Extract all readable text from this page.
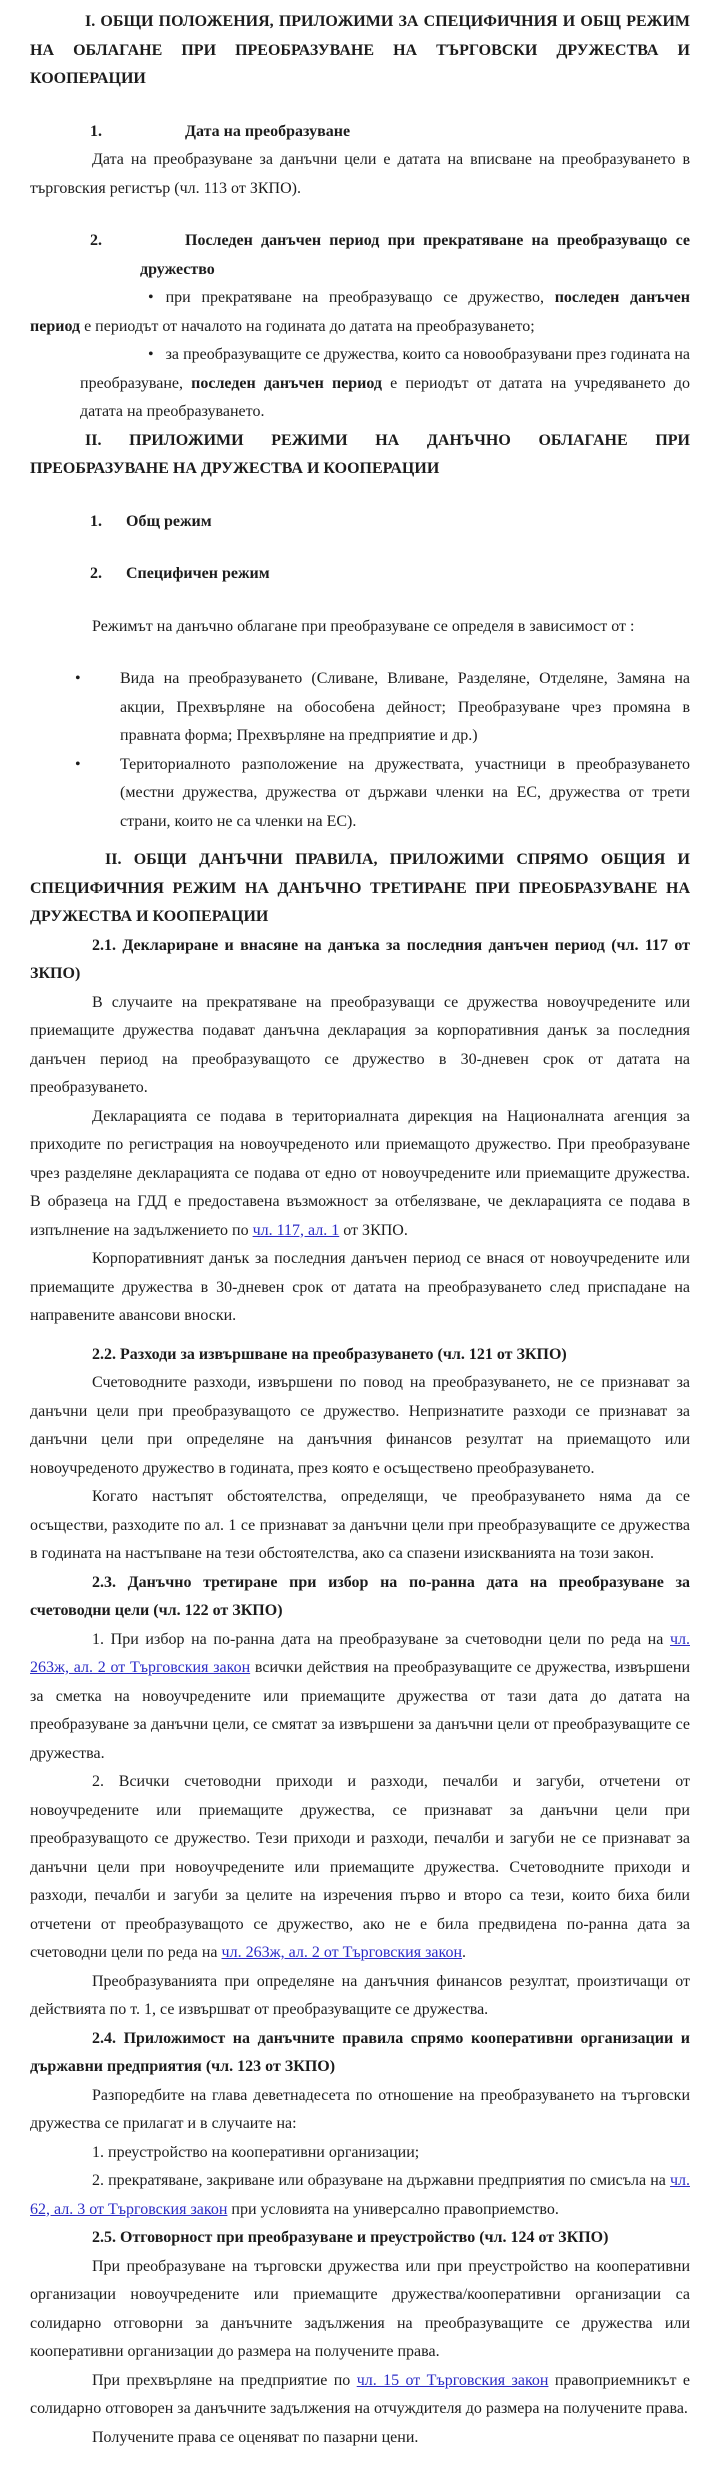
I. ОБЩИ ПОЛОЖЕНИЯ, ПРИЛОЖИМИ ЗА СПЕЦИФИЧНИЯ И ОБЩ РЕЖИМ НА ОБЛАГАНЕ ПРИ ПРЕОБРАЗУВАНЕ НА ТЪРГОВСКИ ДРУЖЕСТВА И КООПЕРАЦИИ
1.	Дата на преобразуване
Дата на преобразуване за данъчни цели е датата на вписване на преобразуването в търговския регистър (чл. 113 от ЗКПО).
2.	Последен данъчен период при прекратяване на преобразуващо се дружество
• при прекратяване на преобразуващо се дружество, последен данъчен период е периодът от началото на годината до датата на преобразуването;
• за преобразуващите се дружества, които са новообразувани през годината на преобразуване, последен данъчен период е периодът от датата на учредяването до датата на преобразуването.
II. ПРИЛОЖИМИ РЕЖИМИ НА ДАНЪЧНО ОБЛАГАНЕ ПРИ ПРЕОБРАЗУВАНЕ НА ДРУЖЕСТВА И КООПЕРАЦИИ
1. Общ режим
2. Специфичен режим
Режимът на данъчно облагане при преобразуване се определя в зависимост от :
• Вида на преобразуването (Сливане, Вливане, Разделяне, Отделяне, Замяна на акции, Прехвърляне на обособена дейност; Преобразуване чрез промяна в правната форма; Прехвърляне на предприятие и др.)
• Териториалното разположение на дружествата, участници в преобразуването (местни дружества, дружества от държави членки на ЕС, дружества от трети страни, които не са членки на ЕС).
II. ОБЩИ ДАНЪЧНИ ПРАВИЛА, ПРИЛОЖИМИ СПРЯМО ОБЩИЯ И СПЕЦИФИЧНИЯ РЕЖИМ НА ДАНЪЧНО ТРЕТИРАНЕ ПРИ ПРЕОБРАЗУВАНЕ НА ДРУЖЕСТВА И КООПЕРАЦИИ
2.1. Деклариране и внасяне на данъка за последния данъчен период (чл. 117 от ЗКПО)
В случаите на прекратяване на преобразуващи се дружества новоучредените или приемащите дружества подават данъчна декларация за корпоративния данък за последния данъчен период на преобразуващото се дружество в 30-дневен срок от датата на преобразуването.
Декларацията се подава в териториалната дирекция на Националната агенция за приходите по регистрация на новоучреденото или приемащото дружество. При преобразуване чрез разделяне декларацията се подава от едно от новоучредените или приемащите дружества. В образеца на ГДД е предоставена възможност за отбелязване, че декларацията се подава в изпълнение на задължението по чл. 117, ал. 1 от ЗКПО.
Корпоративният данък за последния данъчен период се внася от новоучредените или приемащите дружества в 30-дневен срок от датата на преобразуването след приспадане на направените авансови вноски.
2.2. Разходи за извършване на преобразуването (чл. 121 от ЗКПО)
Счетоводните разходи, извършени по повод на преобразуването, не се признават за данъчни цели при преобразуващото се дружество. Непризнатите разходи се признават за данъчни цели при определяне на данъчния финансов резултат на приемащото или новоучреденото дружество в годината, през която е осъществено преобразуването.
Когато настъпят обстоятелства, определящи, че преобразуването няма да се осъществи, разходите по ал. 1 се признават за данъчни цели при преобразуващите се дружества в годината на настъпване на тези обстоятелства, ако са спазени изискванията на този закон.
2.3. Данъчно третиране при избор на по-ранна дата на преобразуване за счетоводни цели (чл. 122 от ЗКПО)
1. При избор на по-ранна дата на преобразуване за счетоводни цели по реда на чл. 263ж, ал. 2 от Търговския закон всички действия на преобразуващите се дружества, извършени за сметка на новоучредените или приемащите дружества от тази дата до датата на преобразуване за данъчни цели, се смятат за извършени за данъчни цели от преобразуващите се дружества.
2. Всички счетоводни приходи и разходи, печалби и загуби, отчетени от новоучредените или приемащите дружества, се признават за данъчни цели при преобразуващото се дружество. Тези приходи и разходи, печалби и загуби не се признават за данъчни цели при новоучредените или приемащите дружества. Счетоводните приходи и разходи, печалби и загуби за целите на изречения първо и второ са тези, които биха били отчетени от преобразуващото се дружество, ако не е била предвидена по-ранна дата за счетоводни цели по реда на чл. 263ж, ал. 2 от Търговския закон.
Преобразуванията при определяне на данъчния финансов резултат, произтичащи от действията по т. 1, се извършват от преобразуващите се дружества.
2.4. Приложимост на данъчните правила спрямо кооперативни организации и държавни предприятия (чл. 123 от ЗКПО)
Разпоредбите на глава деветнадесета по отношение на преобразуването на търговски дружества се прилагат и в случаите на:
1. преустройство на кооперативни организации;
2. прекратяване, закриване или образуване на държавни предприятия по смисъла на чл. 62, ал. 3 от Търговския закон при условията на универсално правоприемство.
2.5. Отговорност при преобразуване и преустройство (чл. 124 от ЗКПО)
При преобразуване на търговски дружества или при преустройство на кооперативни организации новоучредените или приемащите дружества/кооперативни организации са солидарно отговорни за данъчните задължения на преобразуващите се дружества или кооперативни организации до размера на получените права.
При прехвърляне на предприятие по чл. 15 от Търговския закон правоприемникът е солидарно отговорен за данъчните задължения на отчуждителя до размера на получените права.
Получените права се оценяват по пазарни цени.
